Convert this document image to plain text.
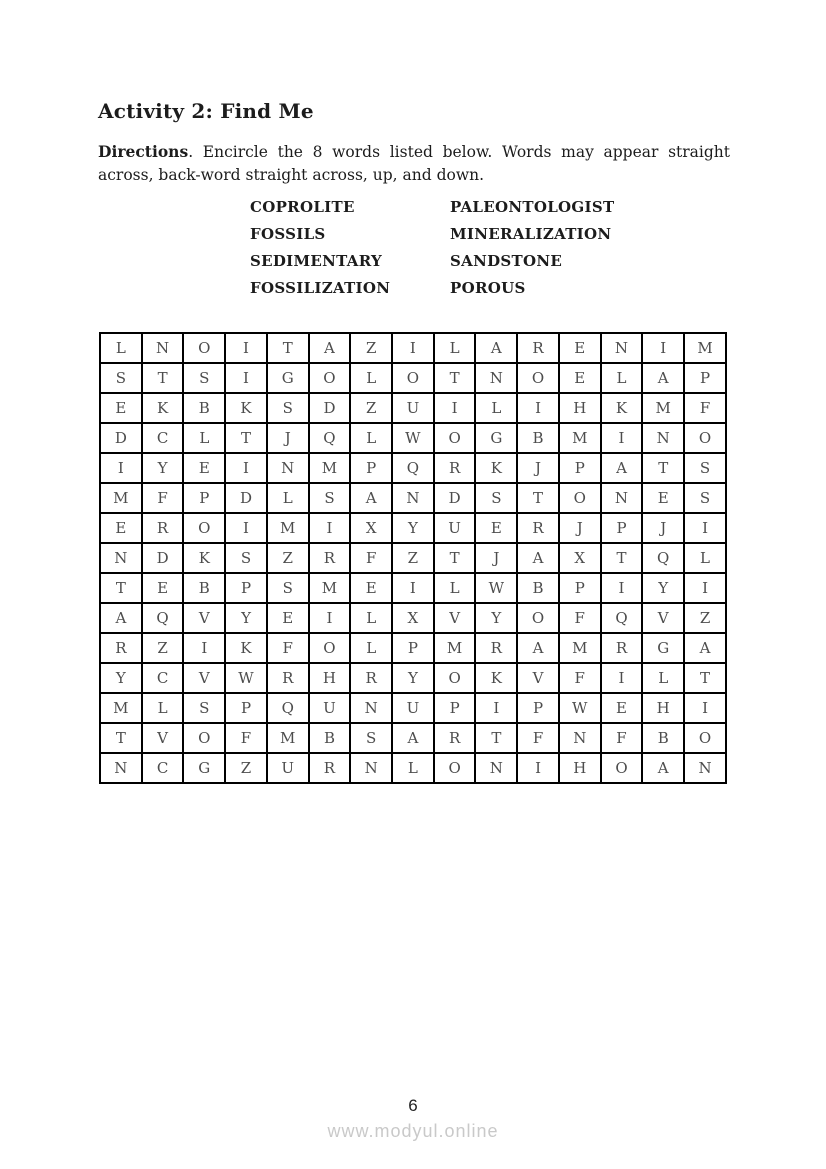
Activity 2: Find Me
Directions. Encircle the 8 words listed below. Words may appear straight across, back-word straight across, up, and down.
COPROLITE
FOSSILS
SEDIMENTARY
FOSSILIZATION
PALEONTOLOGIST
MINERALIZATION
SANDSTONE
POROUS
L	N	O	I	T	A	Z	I	L	A	R	E	N	I	M
S	T	S	I	G	O	L	O	T	N	O	E	L	A	P
E	K	B	K	S	D	Z	U	I	L	I	H	K	M	F
D	C	L	T	J	Q	L	W	O	G	B	M	I	N	O
I	Y	E	I	N	M	P	Q	R	K	J	P	A	T	S
M	F	P	D	L	S	A	N	D	S	T	O	N	E	S
E	R	O	I	M	I	X	Y	U	E	R	J	P	J	I
N	D	K	S	Z	R	F	Z	T	J	A	X	T	Q	L
T	E	B	P	S	M	E	I	L	W	B	P	I	Y	I
A	Q	V	Y	E	I	L	X	V	Y	O	F	Q	V	Z
R	Z	I	K	F	O	L	P	M	R	A	M	R	G	A
Y	C	V	W	R	H	R	Y	O	K	V	F	I	L	T
M	L	S	P	Q	U	N	U	P	I	P	W	E	H	I
T	V	O	F	M	B	S	A	R	T	F	N	F	B	O
N	C	G	Z	U	R	N	L	O	N	I	H	O	A	N
6
www.modyul.online
